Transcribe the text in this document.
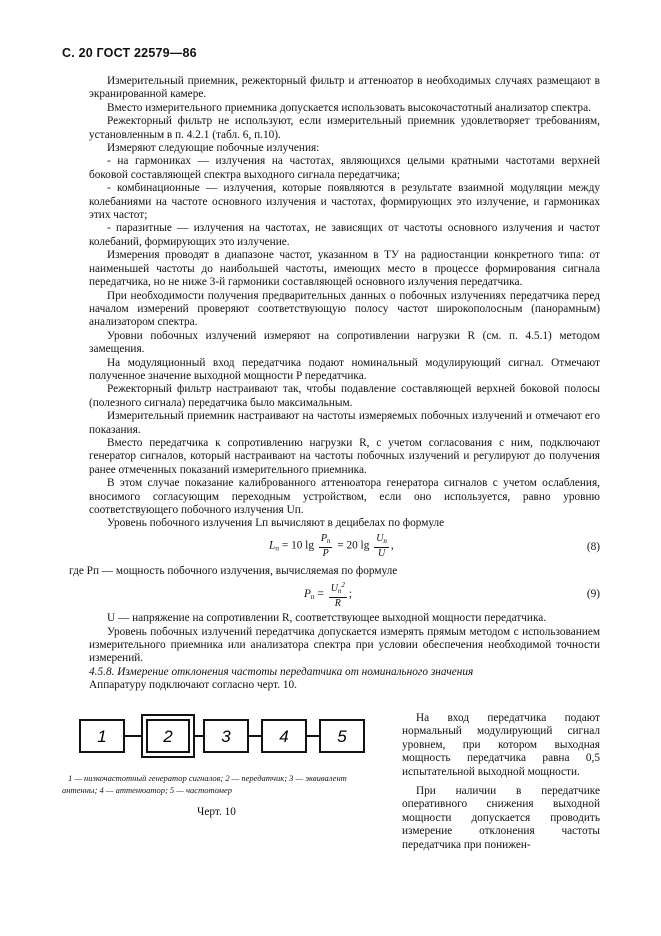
С. 20 ГОСТ 22579—86

Измерительный приемник, режекторный фильтр и аттенюатор в необходимых случаях размещают в экранированной камере.

Вместо измерительного приемника допускается использовать высокочастотный анализатор спектра.

Режекторный фильтр не используют, если измерительный приемник удовлетворяет требованиям, установленным в п. 4.2.1 (табл. 6, п.10).

Измеряют следующие побочные излучения:

- на гармониках — излучения на частотах, являющихся целыми кратными частотами верхней боковой составляющей спектра выходного сигнала передатчика;

- комбинационные — излучения, которые появляются в результате взаимной модуляции между колебаниями на частоте основного излучения и частотах, формирующих это излучение, и гармониках этих частот;

- паразитные — излучения на частотах, не зависящих от частоты основного излучения и частот колебаний, формирующих это излучение.

Измерения проводят в диапазоне частот, указанном в ТУ на радиостанции конкретного типа: от наименьшей частоты до наибольшей частоты, имеющих место в процессе формирования сигнала передатчика, но не ниже 3-й гармоники составляющей основного излучения передатчика.

При необходимости получения предварительных данных о побочных излучениях передатчика перед началом измерений проверяют соответствующую полосу частот широкополосным (панорамным) анализатором спектра.

Уровни побочных излучений измеряют на сопротивлении нагрузки R (см. п. 4.5.1) методом замещения.

На модуляционный вход передатчика подают номинальный модулирующий сигнал. Отмечают полученное значение выходной мощности P передатчика.

Режекторный фильтр настраивают так, чтобы подавление составляющей верхней боковой полосы (полезного сигнала) передатчика было максимальным.

Измерительный приемник настраивают на частоты измеряемых побочных излучений и отмечают его показания.

Вместо передатчика к сопротивлению нагрузки R, с учетом согласования с ним, подключают генератор сигналов, который настраивают на частоты побочных излучений и регулируют до получения ранее отмеченных показаний измерительного приемника.

В этом случае показание калиброванного аттенюатора генератора сигналов с учетом ослабления, вносимого согласующим переходным устройством, если оно используется, равно уровню соответствующего побочного излучения Uп.

Уровень побочного излучения Lп вычисляют в децибелах по формуле

$L_п = 10$ $\lg \frac{P_п}{P} = 20$ $\lg \frac{U_п}{U}$ ,	(8)

где Pп — мощность побочного излучения, вычисляемая по формуле

$P_п = \frac{U_п^2}{R}$ ;	(9)

U — напряжение на сопротивлении R, соответствующее выходной мощности передатчика.

Уровень побочных излучений передатчика допускается измерять прямым методом с использованием измерительного приемника или анализатора спектра при условии обеспечения необходимой точности измерений.

4.5.8. Измерение отклонения частоты передатчика от номинального значения

Аппаратуру подключают согласно черт. 10.

1	2	3	4	5
1 — низкочастотный генератор сигналов; 2 — передатчик; 3 — эквивалент антенны; 4 — аттенюатор; 5 — частотомер
Черт. 10

На вход передатчика подают нормальный модулирующий сигнал уровнем, при котором выходная мощность передатчика равна 0,5 испытательной выходной мощности.

При наличии в передатчике оперативного снижения выходной мощности допускается проводить измерение отклонения частоты передатчика при понижен-
